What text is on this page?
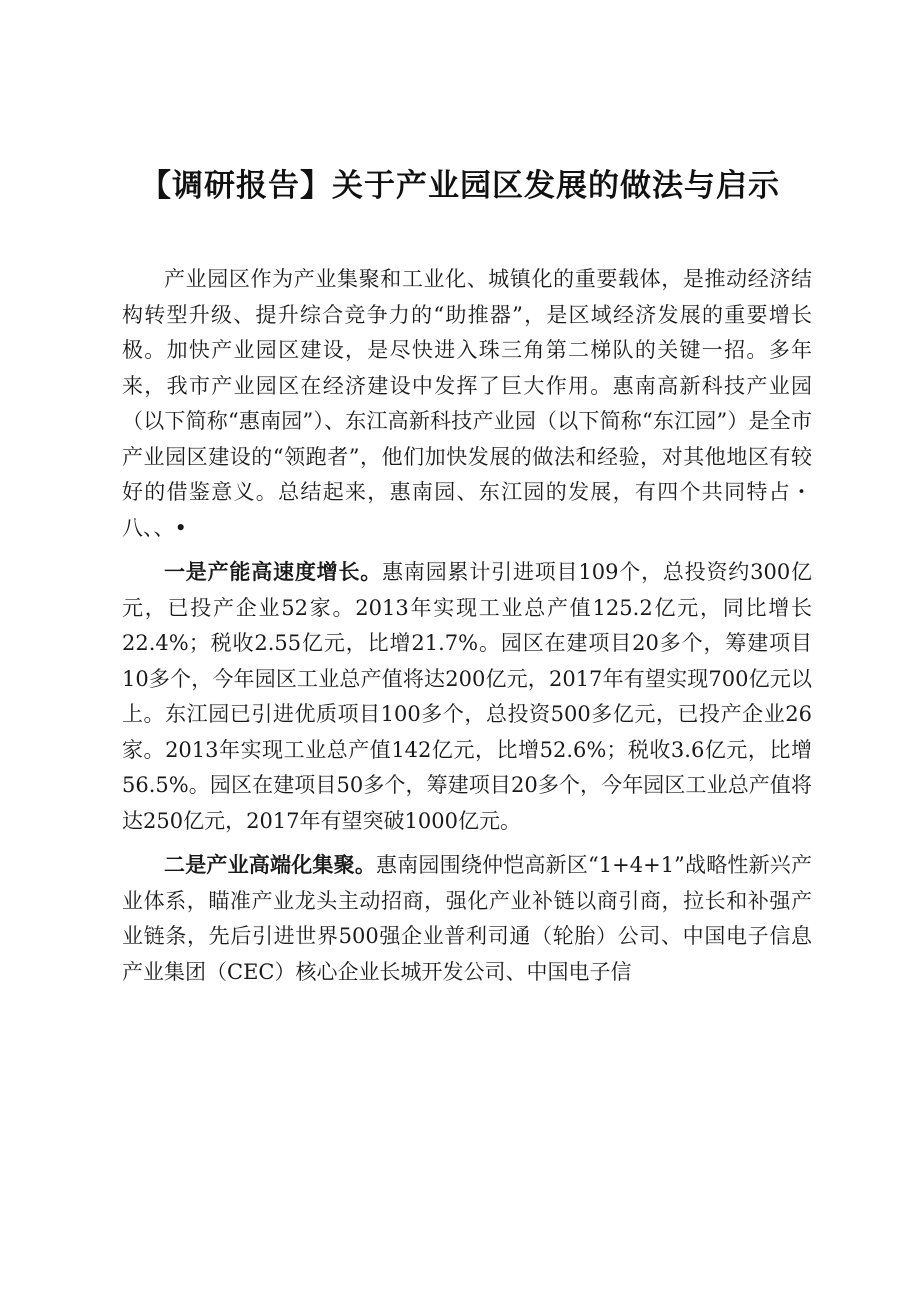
【调研报告】关于产业园区发展的做法与启示

产业园区作为产业集聚和工业化、城镇化的重要载体，是推动经济结构转型升级、提升综合竞争力的“助推器”，是区域经济发展的重要增长极。加快产业园区建设，是尽快进入珠三角第二梯队的关键一招。多年来，我市产业园区在经济建设中发挥了巨大作用。惠南高新科技产业园（以下简称“惠南园”）、东江高新科技产业园（以下简称“东江园”）是全市产业园区建设的“领跑者”，他们加快发展的做法和经验，对其他地区有较好的借鉴意义。总结起来，惠南园、东江园的发展，有四个共同特占・八、、•

一是产能高速度增长。惠南园累计引进项目109个，总投资约300亿元，已投产企业52家。2013年实现工业总产值125.2亿元，同比增长22.4%；税收2.55亿元，比增21.7%。园区在建项目20多个，筹建项目10多个，今年园区工业总产值将达200亿元，2017年有望实现700亿元以上。东江园已引进优质项目100多个，总投资500多亿元，已投产企业26家。2013年实现工业总产值142亿元，比增52.6%；税收3.6亿元，比增56.5%。园区在建项目50多个，筹建项目20多个，今年园区工业总产值将达250亿元，2017年有望突破1000亿元。

二是产业高端化集聚。惠南园围绕仲恺高新区“1+4+1”战略性新兴产业体系，瞄准产业龙头主动招商，强化产业补链以商引商，拉长和补强产业链条，先后引进世界500强企业普利司通（轮胎）公司、中国电子信息产业集团（CEC）核心企业长城开发公司、中国电子信
